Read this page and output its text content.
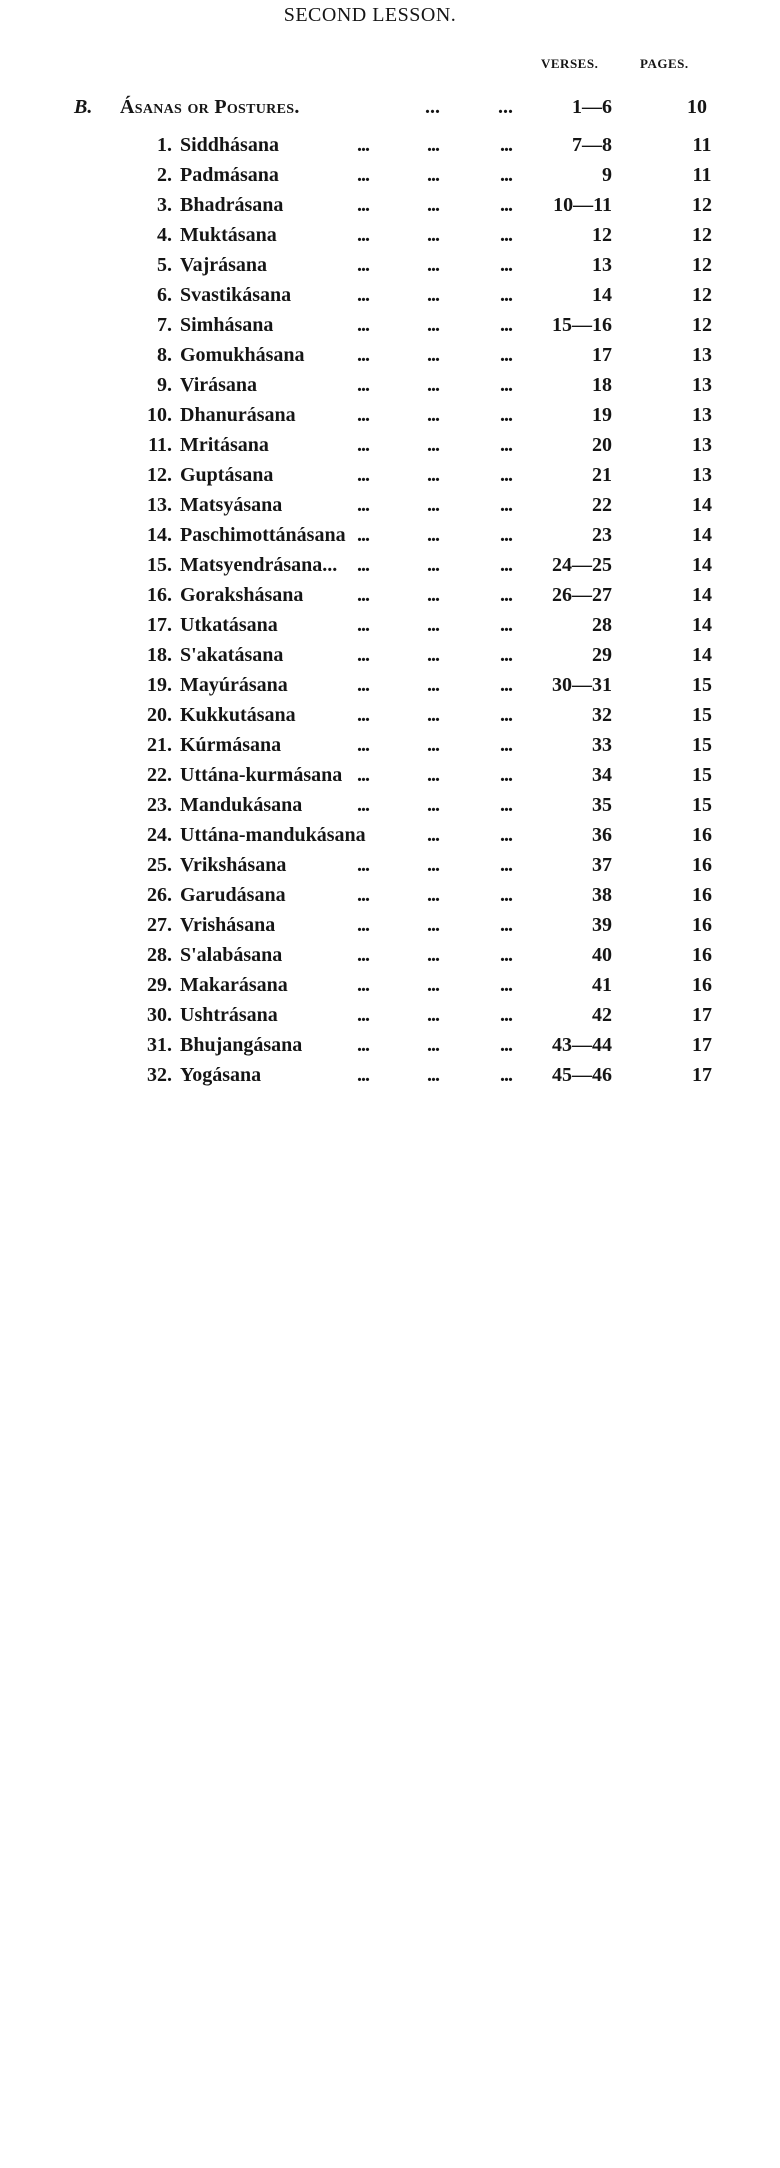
SECOND LESSON.
VERSES.	PAGES.
B. Ásanas or Postures.	...	...	1—6	10
1. Siddhásana	...	...	...	7—8	11
2. Padmásana	...	...	...	9	11
3. Bhadrásana	...	...	... 10—11	12
4. Muktásana	...	...	...	12	12
5. Vajrásana	...	...	...	13	12
6. Svastikásana	...	...	...	14	12
7. Simhásana	...	...	... 15—16	12
8. Gomukhásana	...	...	...	17	13
9. Virásana	...	...	...	18	13
10. Dhanurásana	...	...	...	19	13
11. Mritásana	...	...	...	20	13
12. Guptásana	...	...	...	21	13
13. Matsyásana	...	...	...	22	14
14. Paschimottánásana ...	...	...	23	14
15. Matsyendrásana... ...	...	... 24—25	14
16. Gorakshásana	...	...	... 26—27	14
17. Utkatásana	...	...	...	28	14
18. S'akatásana	...	...	...	29	14
19. Mayúrásana	...	...	... 30—31	15
20. Kukkutásana	...	...	...	32	15
21. Kúrmásana	...	...	...	33	15
22. Uttána-kurmásana ...	...	...	34	15
23. Mandukásana	...	...	...	35	15
24. Uttána-mandukásana	...	...	36	16
25. Vrikshásana	...	...	...	37	16
26. Garudásana	...	...	...	38	16
27. Vrishásana	...	...	...	39	16
28. S'alabásana	...	...	...	40	16
29. Makarásana	...	...	...	41	16
30. Ushtrásana	...	...	...	42	17
31. Bhujangásana	...	...	... 43—44	17
32. Yogásana	...	...	... 45—46	17
